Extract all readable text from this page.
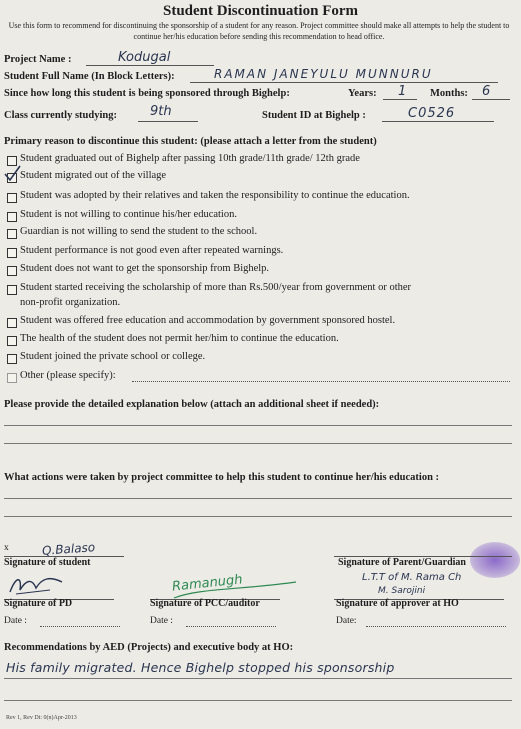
Student Discontinuation Form
Use this form to recommend for discontinuing the sponsorship of a student for any reason. Project committee should make all attempts to help the student to continue her/his education before sending this recommendation to head office.
Project Name :	Kodugal
Student Full Name (In Block Letters):	RAMAN JANEYULU MUNNURU
Since how long this student is being sponsored through Bighelp:	Years: 1 Months: 6
Class currently studying:	9th	Student ID at Bighelp :	C0526
Primary reason to discontinue this student: (please attach a letter from the student)
Student graduated out of Bighelp after passing 10th grade/11th grade/ 12th grade
Student migrated out of the village
Student was adopted by their relatives and taken the responsibility to continue the education.
Student is not willing to continue his/her education.
Guardian is not willing to send the student to the school.
Student performance is not good even after repeated warnings.
Student does not want to get the sponsorship from Bighelp.
Student started receiving the scholarship of more than Rs.500/year from government or other
non-profit organization.
Student was offered free education and accommodation by government sponsored hostel.
The health of the student does not permit her/him to continue the education.
Student joined the private school or college.
Other (please specify):
Please provide the detailed explanation below (attach an additional sheet if needed):
What actions were taken by project committee to help this student to continue her/his education :
Q.Balaso
x
Signature of student	Signature of Parent/Guardian
L.T.T of M. Rama Ch
Signature of PD
Ramanugh
Signature of PCC/auditor
M. Sarojini
Signature of approver at HO
Date :	Date :	Date:
Recommendations by AED (Projects) and executive body at HO:
His family migrated. Hence Bighelp stopped his sponsorship
Rev 1, Rev Dt: 0(n)Apr-2013
